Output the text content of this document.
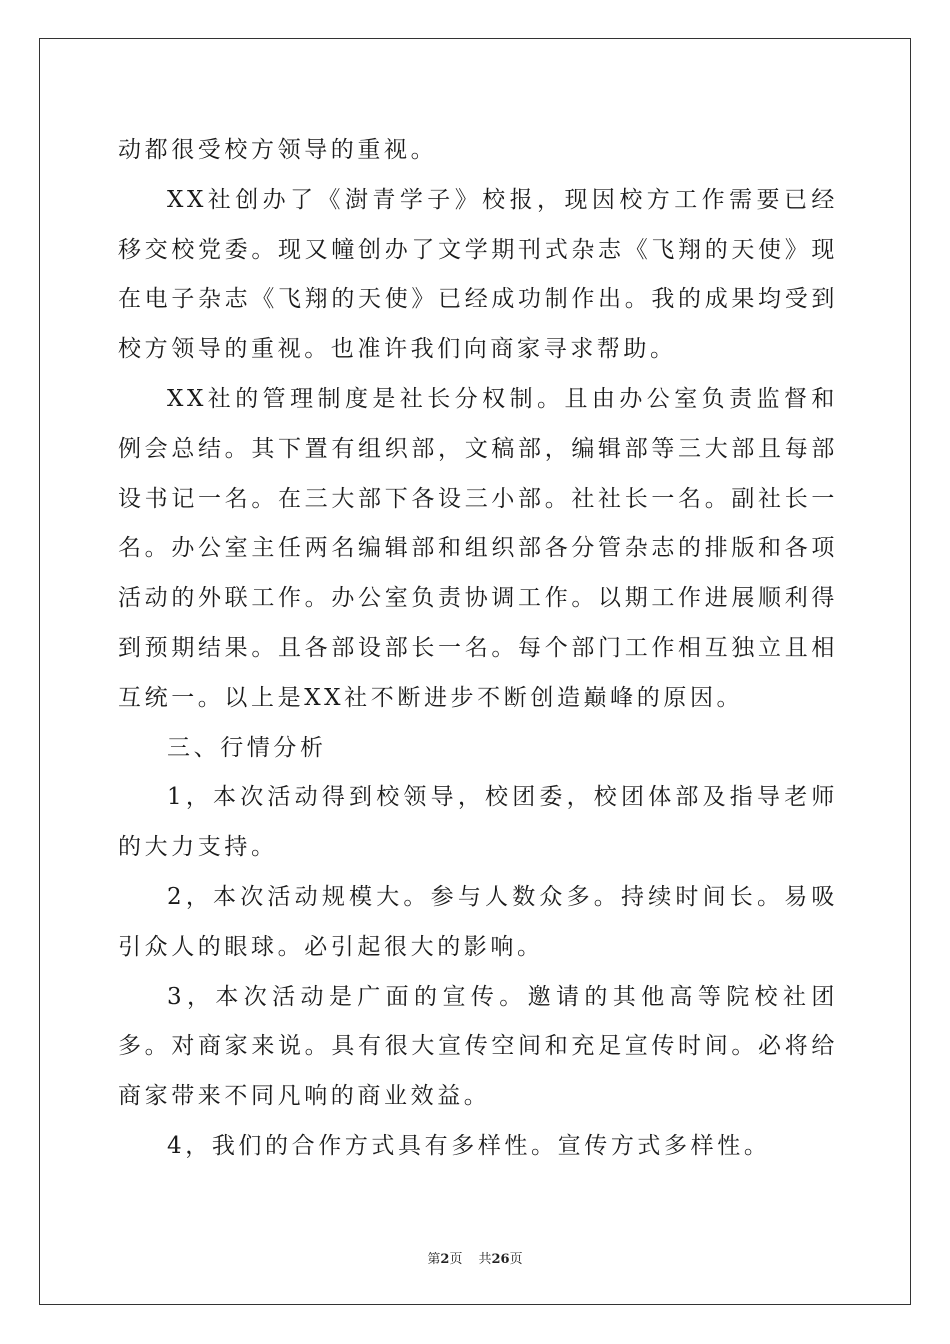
动都很受校方领导的重视。

XX社创办了《澍青学子》校报，现因校方工作需要已经移交校党委。现又幢创办了文学期刊式杂志《飞翔的天使》现在电子杂志《飞翔的天使》已经成功制作出。我的成果均受到校方领导的重视。也准许我们向商家寻求帮助。

XX社的管理制度是社长分权制。且由办公室负责监督和例会总结。其下置有组织部，文稿部，编辑部等三大部且每部设书记一名。在三大部下各设三小部。社社长一名。副社长一名。办公室主任两名编辑部和组织部各分管杂志的排版和各项活动的外联工作。办公室负责协调工作。以期工作进展顺利得到预期结果。且各部设部长一名。每个部门工作相互独立且相互统一。以上是XX社不断进步不断创造巅峰的原因。

三、行情分析

1，本次活动得到校领导，校团委，校团体部及指导老师的大力支持。

2，本次活动规模大。参与人数众多。持续时间长。易吸引众人的眼球。必引起很大的影响。

3，本次活动是广面的宣传。邀请的其他高等院校社团多。对商家来说。具有很大宣传空间和充足宣传时间。必将给商家带来不同凡响的商业效益。

4，我们的合作方式具有多样性。宣传方式多样性。

第2页 共26页
